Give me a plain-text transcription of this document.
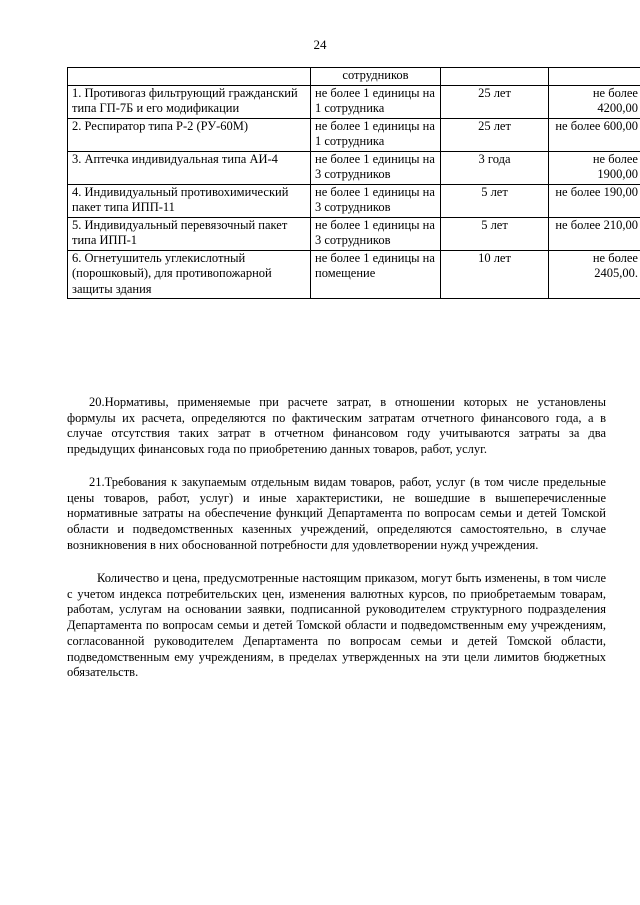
24
	сотрудников		
1. Противогаз фильтрующий гражданский типа ГП-7Б и его модификации	не более 1 единицы на 1 сотрудника	25 лет	не более 4200,00
2. Респиратор типа Р-2 (РУ-60М)	не более 1 единицы на 1 сотрудника	25 лет	не более 600,00
3. Аптечка индивидуальная типа АИ-4	не более 1 единицы на 3 сотрудников	3 года	не более 1900,00
4. Индивидуальный противохимический пакет типа ИПП-11	не более 1 единицы на 3 сотрудников	5 лет	не более 190,00
5. Индивидуальный перевязочный пакет типа ИПП-1	не более 1 единицы на 3 сотрудников	5 лет	не более 210,00
6. Огнетушитель углекислотный (порошковый), для противопожарной защиты здания	не более 1 единицы на помещение	10 лет	не более 2405,00.

20.Нормативы, применяемые при расчете затрат, в отношении которых не установлены формулы их расчета, определяются по фактическим затратам отчетного финансового года, а в случае отсутствия таких затрат в отчетном финансовом году учитываются затраты за два предыдущих финансовых года по приобретению данных товаров, работ, услуг.

21.Требования к закупаемым отдельным видам товаров, работ, услуг (в том числе предельные цены товаров, работ, услуг) и иные характеристики, не вошедшие в вышеперечисленные нормативные затраты на обеспечение функций Департамента по вопросам семьи и детей Томской области и подведомственных казенных учреждений, определяются самостоятельно, в случае возникновения в них обоснованной потребности для удовлетворении нужд учреждения.

Количество и цена, предусмотренные настоящим приказом, могут быть изменены, в том числе с учетом индекса потребительских цен, изменения валютных курсов, по приобретаемым товарам, работам, услугам на основании заявки, подписанной руководителем структурного подразделения Департамента по вопросам семьи и детей Томской области и подведомственным ему учреждениям, согласованной руководителем Департамента по вопросам семьи и детей Томской области, подведомственным ему учреждениям, в пределах утвержденных на эти цели лимитов бюджетных обязательств.
